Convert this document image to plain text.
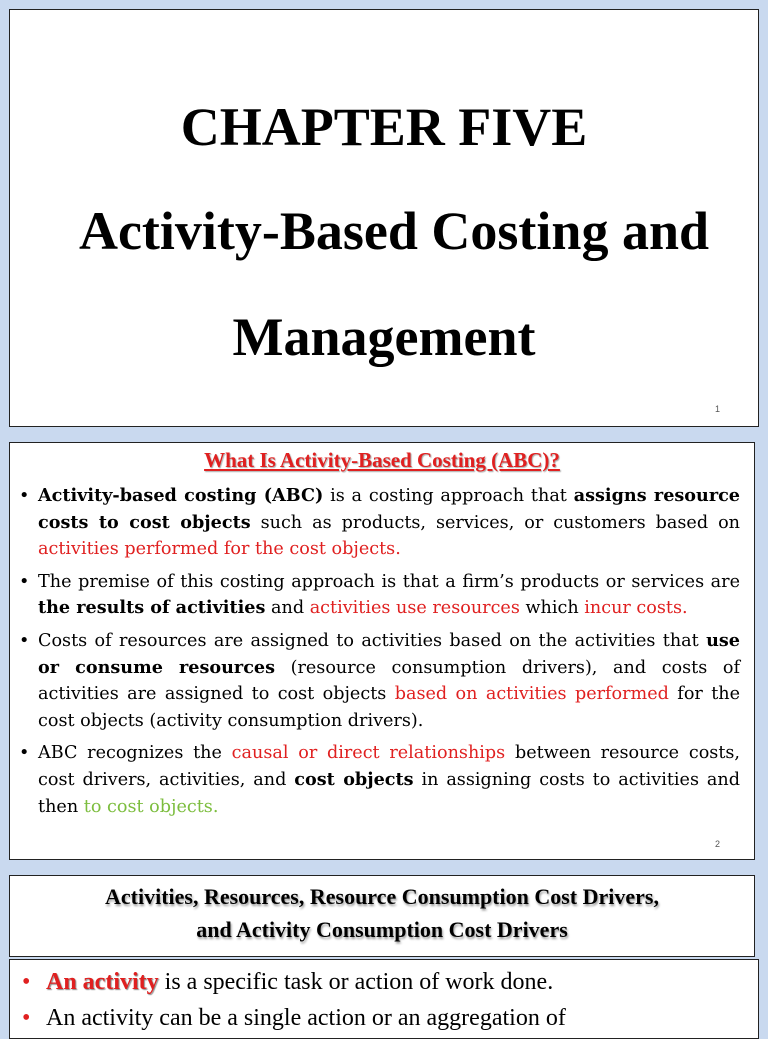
CHAPTER FIVE
Activity-Based Costing and
Management
1
What Is Activity-Based Costing (ABC)?
• Activity-based costing (ABC) is a costing approach that assigns resource costs to cost objects such as products, services, or customers based on activities performed for the cost objects.
• The premise of this costing approach is that a firm’s products or services are the results of activities and activities use resources which incur costs.
• Costs of resources are assigned to activities based on the activities that use or consume resources (resource consumption drivers), and costs of activities are assigned to cost objects based on activities performed for the cost objects (activity consumption drivers).
• ABC recognizes the causal or direct relationships between resource costs, cost drivers, activities, and cost objects in assigning costs to activities and then to cost objects.
2
Activities, Resources, Resource Consumption Cost Drivers,
and Activity Consumption Cost Drivers
• An activity is a specific task or action of work done.
• An activity can be a single action or an aggregation of
